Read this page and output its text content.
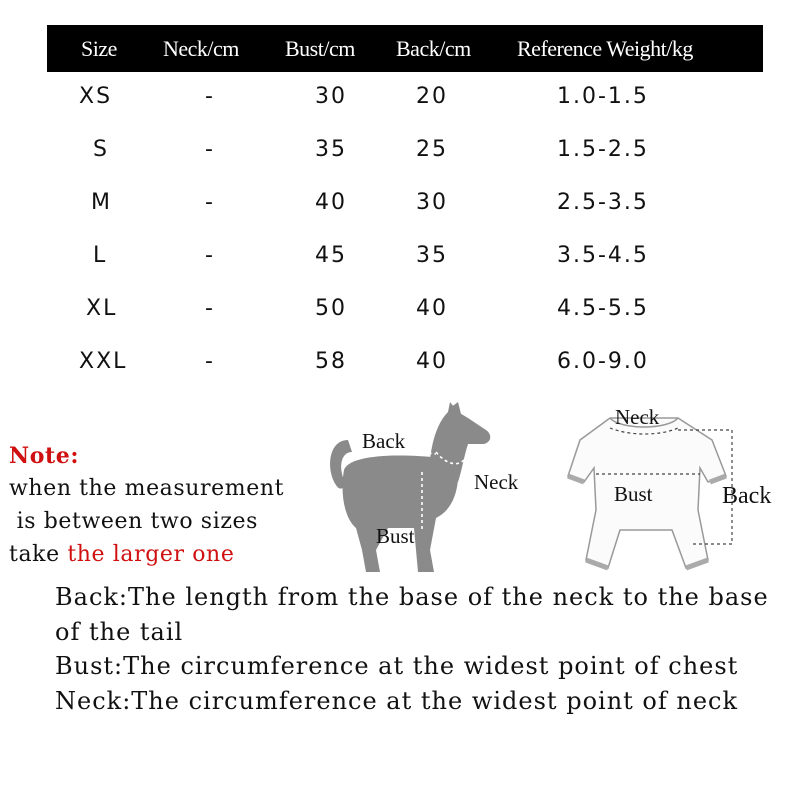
Size Neck/cm Bust/cm Back/cm Reference Weight/kg
XS	-	30	20	1.0-1.5
S	-	35	25	1.5-2.5
M	-	40	30	2.5-3.5
L	-	45	35	3.5-4.5
XL	-	50	40	4.5-5.5
XXL	-	58	40	6.0-9.0
Note:
when the measurement
is between two sizes
take the larger one
Back
Neck
Bust
Neck
Bust	Back

Back:The length from the base of the neck to the base of the tail

Bust:The circumference at the widest point of chest

Neck:The circumference at the widest point of neck
